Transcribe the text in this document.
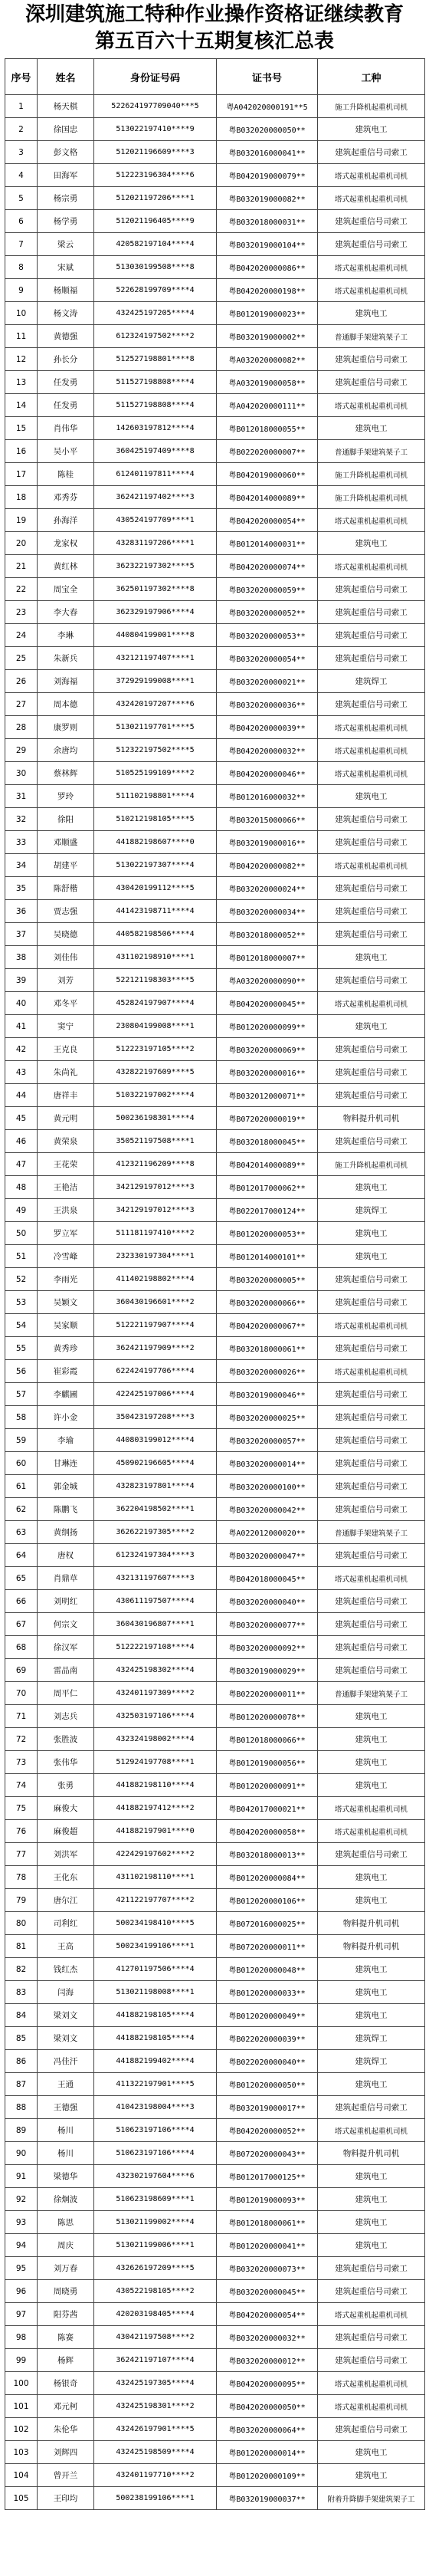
深圳建筑施工特种作业操作资格证继续教育
第五百六十五期复核汇总表
序号	姓名	身份证号码	证书号	工种
1	杨天棋	522624197709040***5	粤A042020000191**5	施工升降机起重机司机
2	徐国忠	513022197410****9	粤B032020000050**	建筑电工
3	彭文格	512021196609****3	粤B032016000041**	建筑起重信号司索工
4	田海军	512223196304****6	粤B042019000079**	塔式起重机起重机司机
5	杨宗勇	512021197206****1	粤B032019000082**	塔式起重机起重机司机
6	杨学勇	512021196405****9	粤B032018000031**	建筑起重信号司索工
7	梁云	420582197104****4	粤B032019000104**	建筑起重信号司索工
8	宋斌	513030199508****8	粤B042020000086**	塔式起重机起重机司机
9	杨顺福	522628199709****4	粤B042020000198**	塔式起重机起重机司机
10	杨文涛	432425197205****4	粤B012019000023**	建筑电工
11	黄德强	612324197502****2	粤B032019000002**	普通脚手架建筑架子工
12	孙长分	512527198801****8	粤A032020000082**	建筑起重信号司索工
13	任发勇	511527198808****4	粤A032019000058**	建筑起重信号司索工
14	任发勇	511527198808****4	粤A042020000111**	塔式起重机起重机司机
15	肖伟华	142603197812****4	粤B012018000055**	建筑电工
16	吴小平	360425197409****8	粤B022020000007**	普通脚手架建筑架子工
17	陈桂	612401197811****4	粤B042019000060**	施工升降机起重机司机
18	邓秀芬	362421197402****3	粤B042014000089**	施工升降机起重机司机
19	孙海洋	430524197709****1	粤B042020000054**	塔式起重机起重机司机
20	龙家权	432831197206****1	粤B012014000031**	建筑电工
21	黄红林	362322197302****5	粤B042020000074**	塔式起重机起重机司机
22	周宝全	362501197302****8	粤B032020000059**	建筑起重信号司索工
23	李大春	362329197906****4	粤B032020000052**	建筑起重信号司索工
24	李琳	440804199001****8	粤B032020000053**	建筑起重信号司索工
25	朱新兵	432121197407****1	粤B032020000054**	建筑起重信号司索工
26	刘海福	372929199008****1	粤B032020000021**	建筑焊工
27	周本德	432420197207****6	粤B032020000036**	建筑起重信号司索工
28	康罗则	513021197701****5	粤B042020000039**	塔式起重机起重机司机
29	余唐均	512322197502****5	粤B042020000032**	塔式起重机起重机司机
30	蔡林辉	510525199109****2	粤B042020000046**	塔式起重机起重机司机
31	罗玲	511102198801****4	粤B012016000032**	建筑电工
32	徐阳	510212198105****5	粤B032015000066**	建筑起重信号司索工
33	邓顺盛	441882198607****0	粤B032019000016**	建筑起重信号司索工
34	胡建平	513022197307****4	粤B042020000082**	塔式起重机起重机司机
35	陈舒楷	430420199112****5	粤B032020000024**	建筑起重信号司索工
36	贾志强	441423198711****4	粤B032020000034**	建筑起重信号司索工
37	吴晓德	440582198506****4	粤B032018000052**	建筑起重信号司索工
38	刘佳伟	431102198910****1	粤B012018000007**	建筑电工
39	刘芳	522121198303****5	粤A032020000090**	建筑起重信号司索工
40	邓冬平	452824197907****4	粤B042020000045**	塔式起重机起重机司机
41	窦宁	230804199008****1	粤B012020000099**	建筑电工
42	王克良	512223197105****2	粤B032020000069**	建筑起重信号司索工
43	朱尚礼	432822197609****5	粤B032020000016**	建筑起重信号司索工
44	唐祥丰	510322197002****4	粤B032012000071**	建筑起重信号司索工
45	黄元明	500236198301****4	粤B072020000019**	物料提升机司机
46	黄荣泉	350521197508****1	粤B032018000045**	建筑起重信号司索工
47	王花荣	412321196209****8	粤B042014000089**	施工升降机起重机司机
48	王艳洁	342129197012****3	粤B012017000062**	建筑电工
49	王洪泉	342129197012****3	粤B022017000124**	建筑焊工
50	罗立军	511181197410****2	粤B012020000053**	建筑电工
51	冷雪峰	232330197304****1	粤B012014000101**	建筑电工
52	李雨光	411402198802****4	粤B032020000005**	建筑起重信号司索工
53	吴颖文	360430196601****2	粤B032020000066**	建筑起重信号司索工
54	吴家顺	512221197907****4	粤B042020000067**	塔式起重机起重机司机
55	黄秀珍	362421197909****2	粤B032018000061**	建筑起重信号司索工
56	崔彩霞	622424197706****4	粤B032020000026**	塔式起重机起重机司机
57	李麒圃	422425197006****4	粤B032019000046**	建筑起重信号司索工
58	许小金	350423197208****3	粤B032020000025**	建筑起重信号司索工
59	李瑜	440803199012****4	粤B032020000057**	建筑起重信号司索工
60	甘琳连	450902196605****4	粤B032020000014**	建筑起重信号司索工
61	郭金城	432823197801****4	粤B032020000100**	建筑起重信号司索工
62	陈鹏飞	362204198502****1	粤B032020000042**	建筑起重信号司索工
63	黄纲扬	362622197305****2	粤A022012000020**	普通脚手架建筑架子工
64	唐权	612324197304****3	粤B032020000047**	建筑起重信号司索工
65	肖鼎草	432131197607****3	粤B042018000045**	塔式起重机起重机司机
66	刘明红	430611197507****4	粤B032020000040**	建筑起重信号司索工
67	何宗文	360430196807****1	粤B032020000077**	建筑起重信号司索工
68	徐汉军	512222197108****4	粤B032020000092**	建筑起重信号司索工
69	雷品南	432425198302****4	粤B032019000029**	建筑起重信号司索工
70	周平仁	432401197309****2	粤B022020000011**	普通脚手架建筑架子工
71	刘志兵	432503197106****4	粤B012020000078**	建筑电工
72	张胜波	432324198002****4	粤B012018000066**	建筑电工
73	张伟华	512924197708****1	粤B012019000056**	建筑电工
74	张勇	441882198110****4	粤B012020000091**	建筑电工
75	麻俊大	441882197412****2	粤B042017000021**	塔式起重机起重机司机
76	麻俊超	441882197901****0	粤B042020000058**	塔式起重机起重机司机
77	刘洪军	422429197602****2	粤B032018000013**	建筑起重信号司索工
78	王化东	431102198110****1	粤B012020000084**	建筑电工
79	唐尔江	421122197707****2	粤B012020000106**	建筑电工
80	司利红	500234198410****5	粤B072016000025**	物料提升机司机
81	王高	500234199106****1	粤B072020000011**	物料提升机司机
82	钱红杰	412701197506****4	粤B012020000048**	建筑电工
83	闫海	513021198008****1	粤B012020000033**	建筑电工
84	梁刘文	441882198105****4	粤B012020000049**	建筑电工
85	梁刘文	441882198105****4	粤B022020000039**	建筑焊工
86	冯佳汗	441882199402****4	粤B022020000040**	建筑焊工
87	王通	411322197901****5	粤B012020000050**	建筑电工
88	王德强	410423198004****3	粤B032019000017**	建筑起重信号司索工
89	杨川	510623197106****4	粤B042020000052**	塔式起重机起重机司机
90	杨川	510623197106****4	粤B072020000043**	物料提升机司机
91	梁德华	432302197604****6	粤B012017000125**	建筑电工
92	徐炯波	510623198609****1	粤B012019000093**	建筑电工
93	陈思	513021199002****4	粤B012018000061**	建筑电工
94	周庆	513021199006****1	粤B012020000041**	建筑电工
95	刘万春	432626197209****5	粤B032020000073**	建筑起重信号司索工
96	周晓勇	430522198105****2	粤B032020000045**	建筑起重信号司索工
97	阳芬茜	420203198405****4	粤B042020000054**	塔式起重机起重机司机
98	陈赛	430421197508****2	粤B032020000032**	建筑起重信号司索工
99	杨辉	362421197107****4	粤B032020000012**	建筑起重信号司索工
100	杨银奇	432425197305****4	粤B042020000095**	塔式起重机起重机司机
101	邓元柯	432425198301****2	粤B042020000050**	塔式起重机起重机司机
102	朱伦华	432426197901****5	粤B032020000064**	建筑起重信号司索工
103	刘辉四	432425198509****4	粤B012020000014**	建筑电工
104	曾开兰	432401197710****2	粤B012020000109**	建筑电工
105	王印均	500238199106****1	粤B032019000037**	附着升降脚手架建筑架子工
